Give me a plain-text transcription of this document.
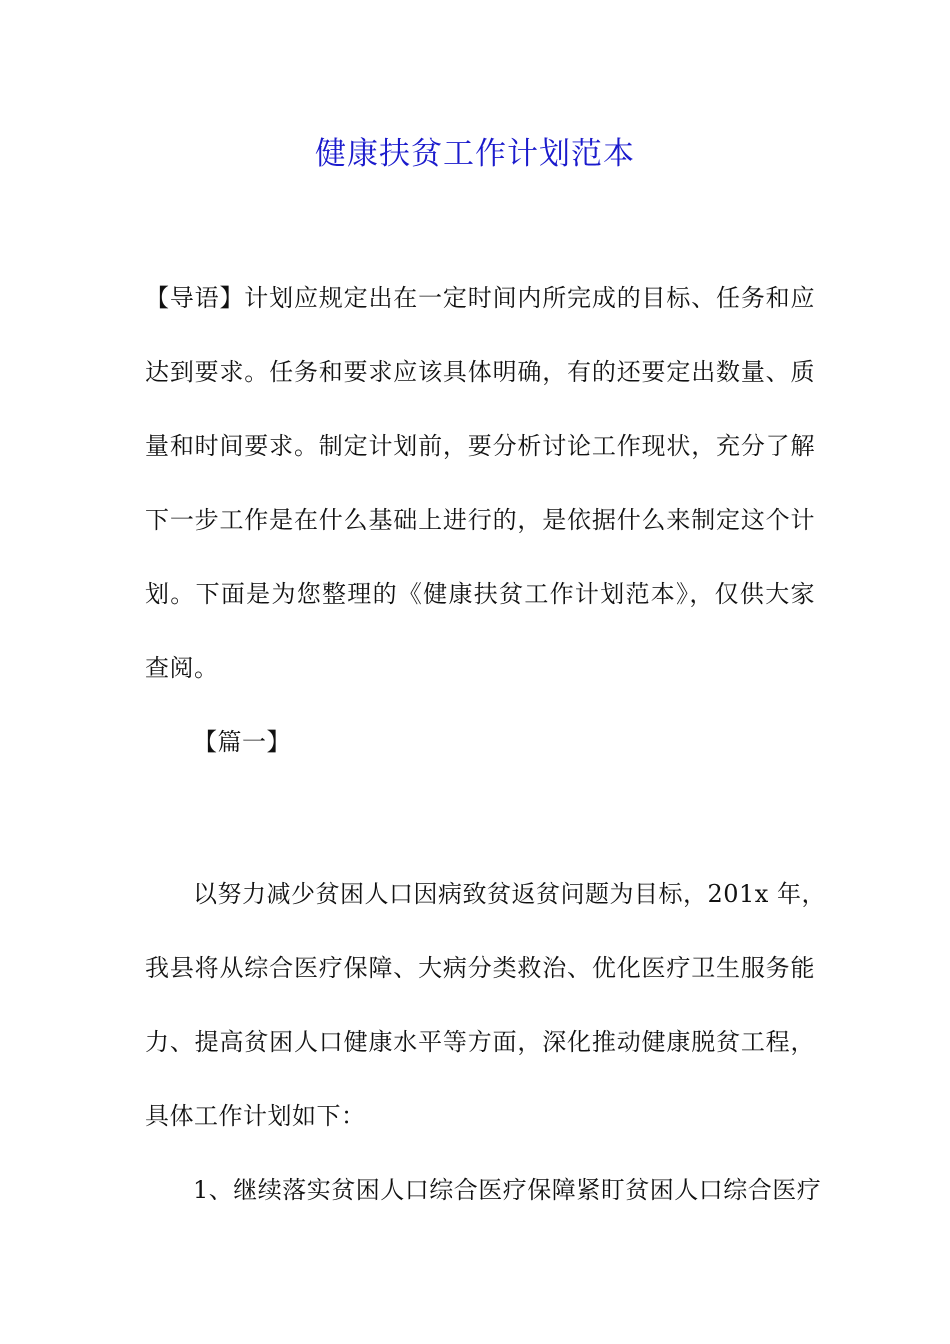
健康扶贫工作计划范本
【导语】计划应规定出在一定时间内所完成的目标、任务和应
达到要求。任务和要求应该具体明确，有的还要定出数量、质
量和时间要求。制定计划前，要分析讨论工作现状，充分了解
下一步工作是在什么基础上进行的，是依据什么来制定这个计
划。下面是为您整理的《健康扶贫工作计划范本》，仅供大家
查阅。
【篇一】
以努力减少贫困人口因病致贫返贫问题为目标，201x 年，
我县将从综合医疗保障、大病分类救治、优化医疗卫生服务能
力、提高贫困人口健康水平等方面，深化推动健康脱贫工程，
具体工作计划如下：
1、继续落实贫困人口综合医疗保障紧盯贫困人口综合医疗
